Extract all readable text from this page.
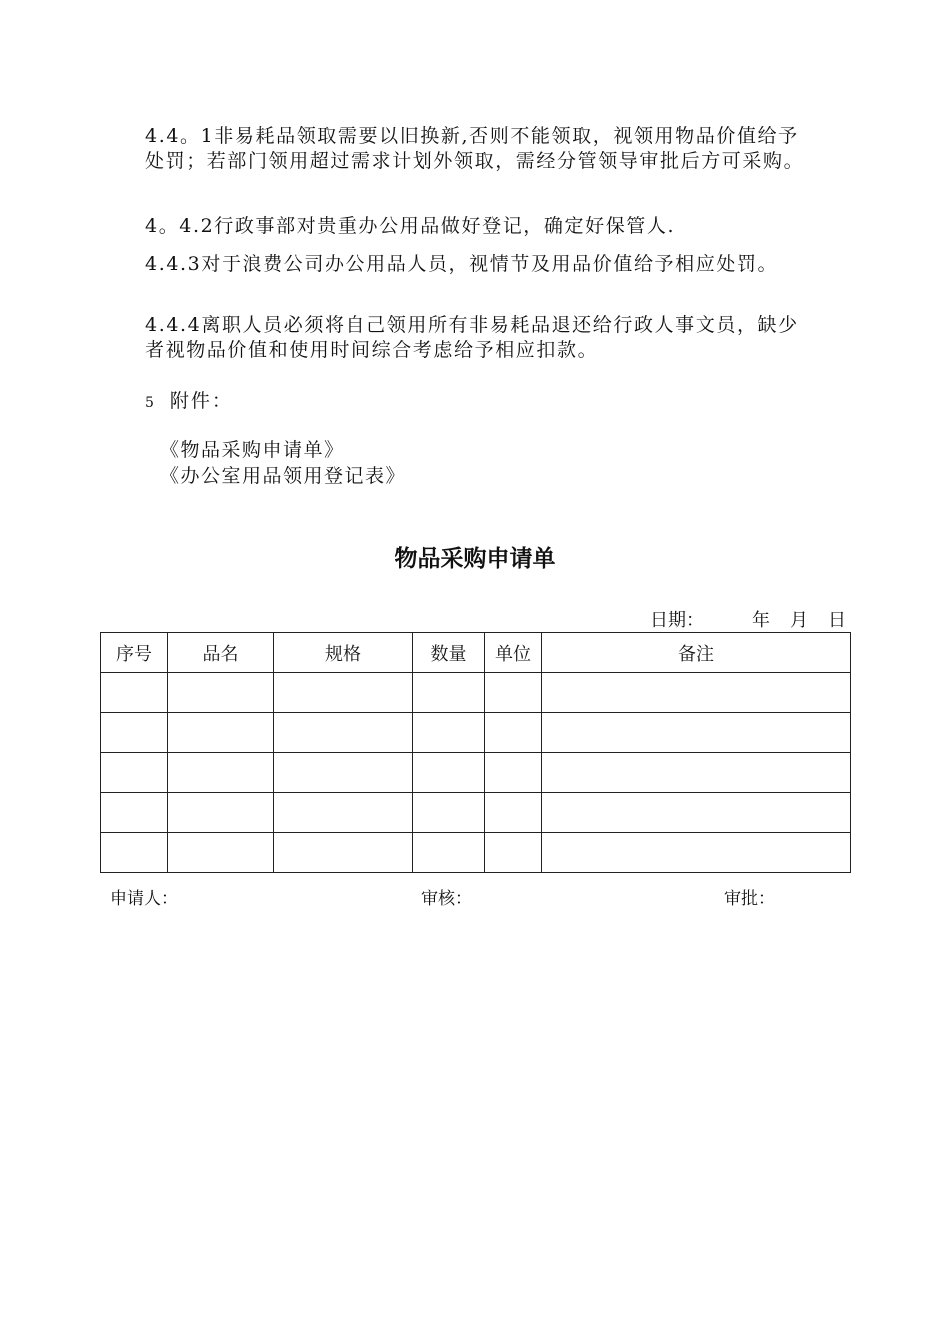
4.4。1非易耗品领取需要以旧换新,否则不能领取，视领用物品价值给予处罚；若部门领用超过需求计划外领取，需经分管领导审批后方可采购。

4。4.2行政事部对贵重办公用品做好登记，确定好保管人.

4.4.3对于浪费公司办公用品人员，视情节及用品价值给予相应处罚。

4.4.4离职人员必须将自己领用所有非易耗品退还给行政人事文员，缺少者视物品价值和使用时间综合考虑给予相应扣款。

5 附件：

《物品采购申请单》

《办公室用品领用登记表》

物品采购申请单
日期：	年 月 日
序号	品名	规格	数量	单位	备注

申请人：	审核：	审批：
